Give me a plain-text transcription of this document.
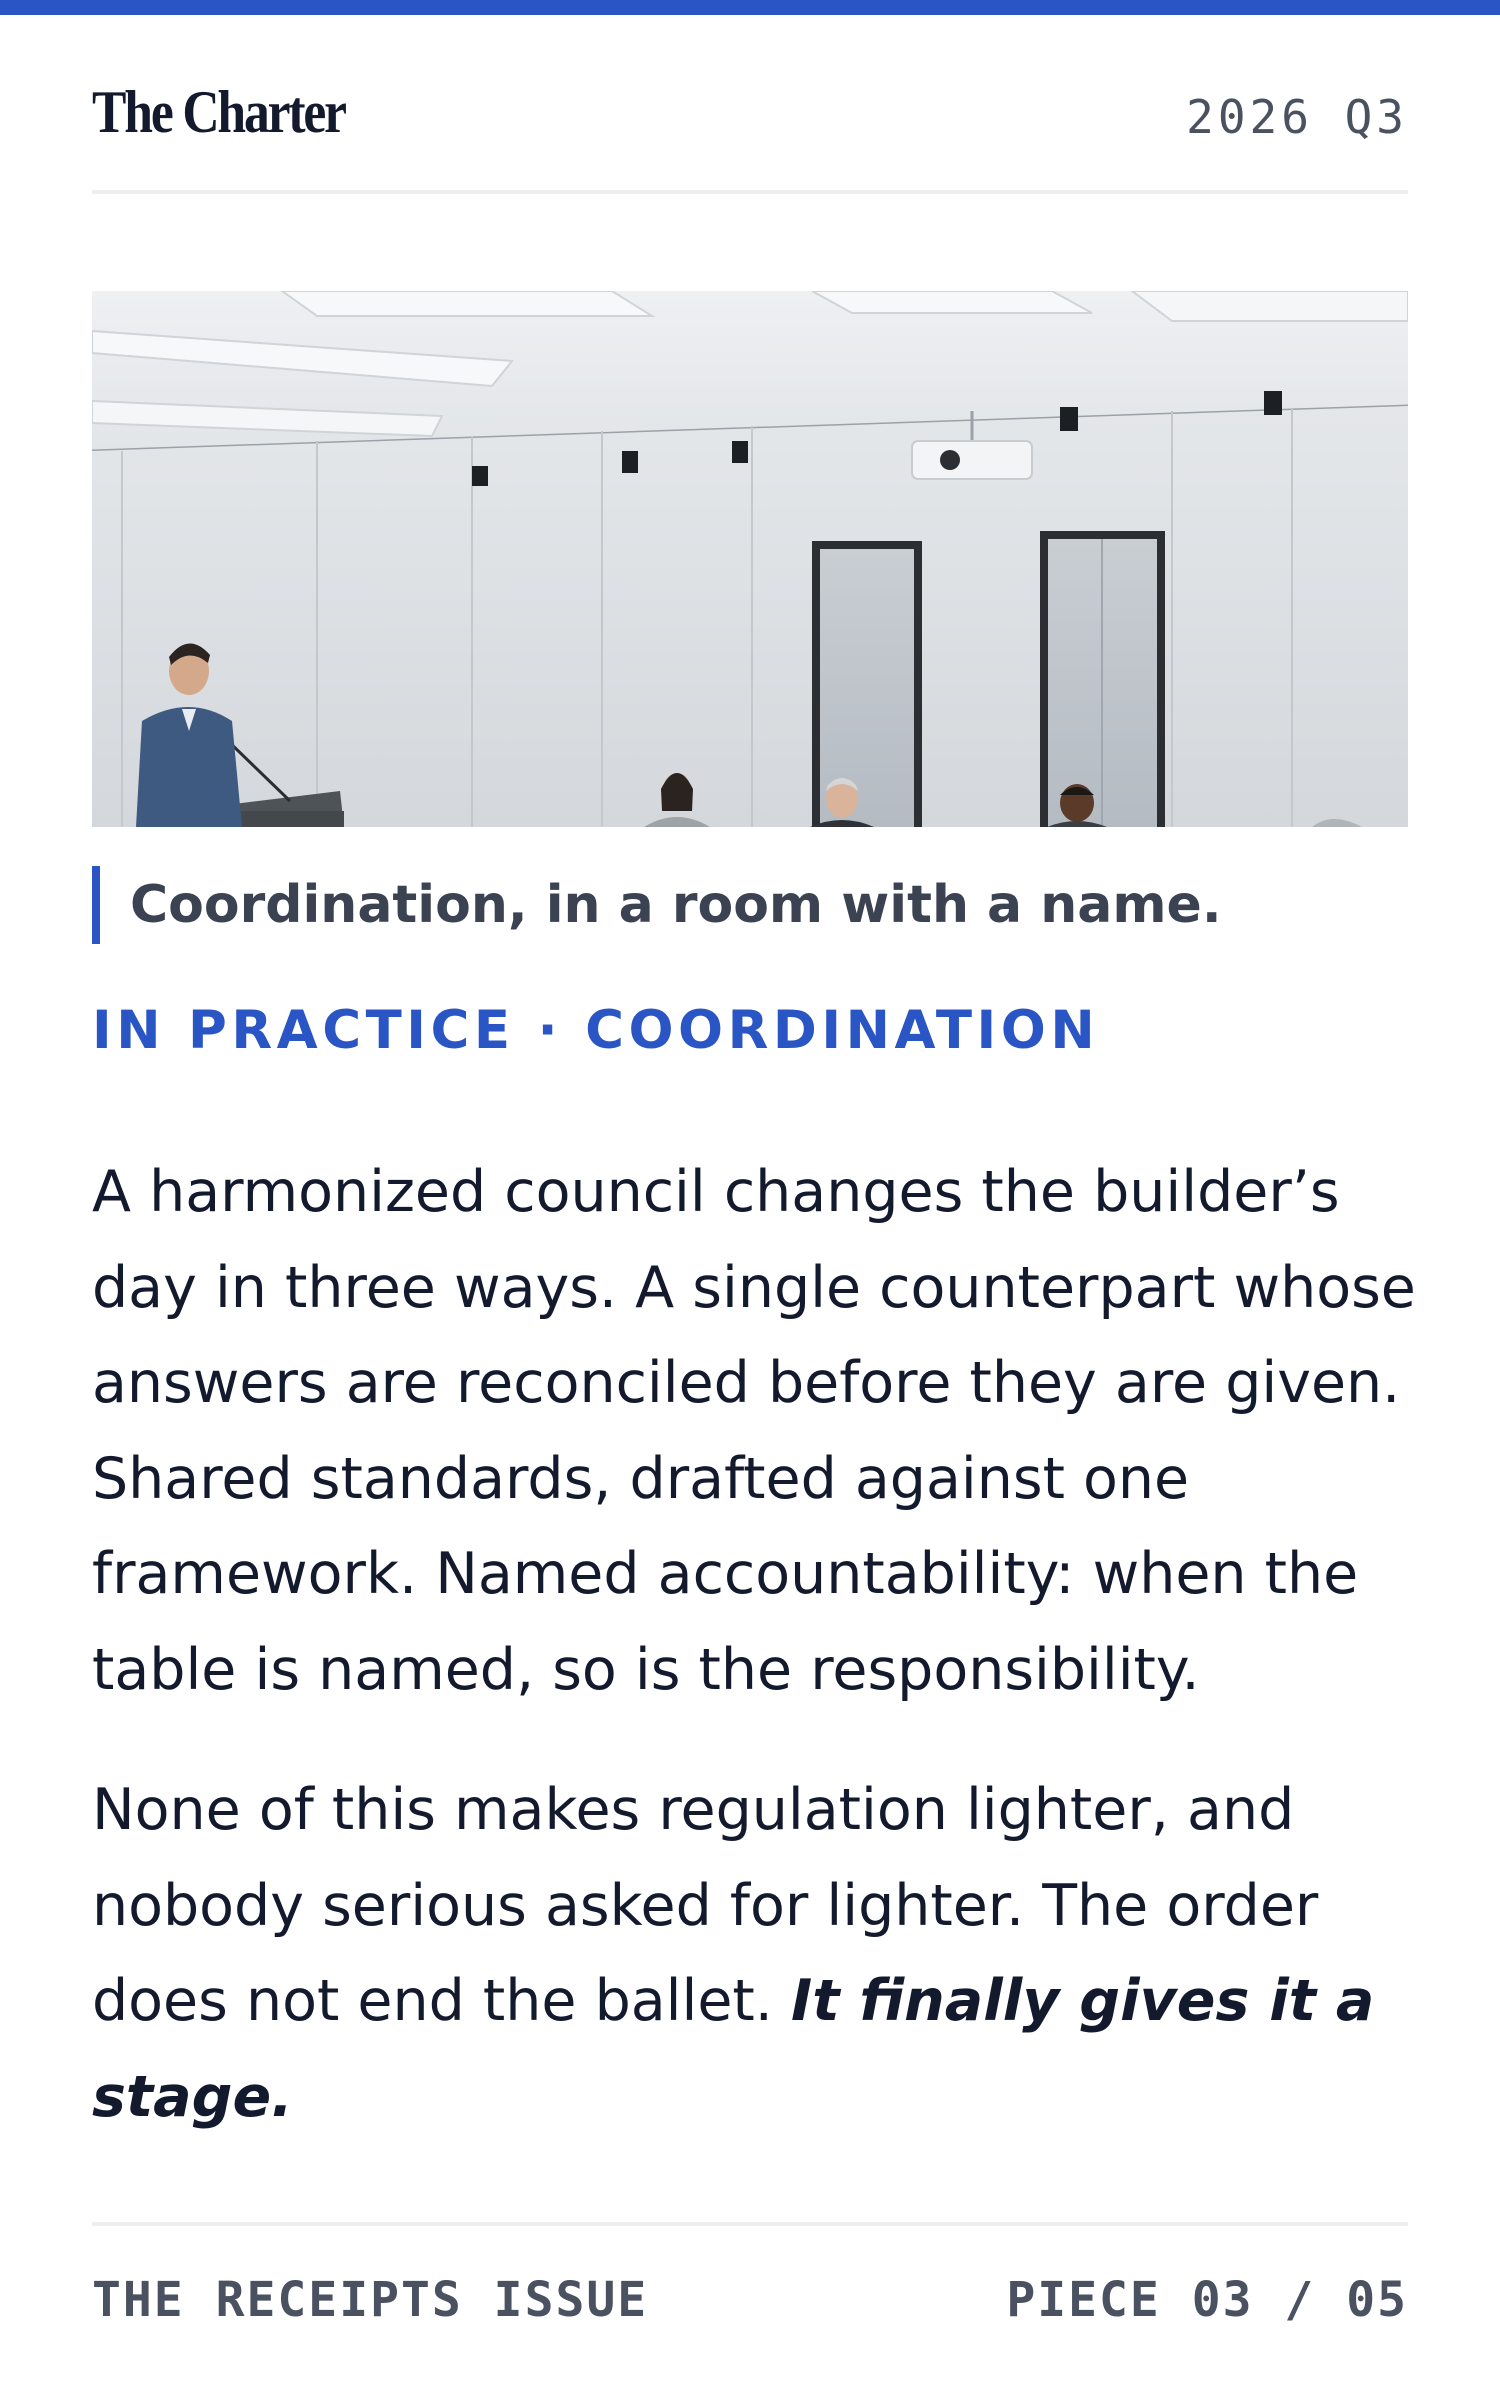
The Charter	2026 Q3
Coordination, in a room with a name.
IN PRACTICE · COORDINATION

A harmonized council changes the builder’s day in three ways. A single counterpart whose answers are reconciled before they are given. Shared standards, drafted against one framework. Named accountability: when the table is named, so is the responsibility.

None of this makes regulation lighter, and nobody serious asked for lighter. The order does not end the ballet. It finally gives it a stage.

THE RECEIPTS ISSUE	PIECE 03 / 05
